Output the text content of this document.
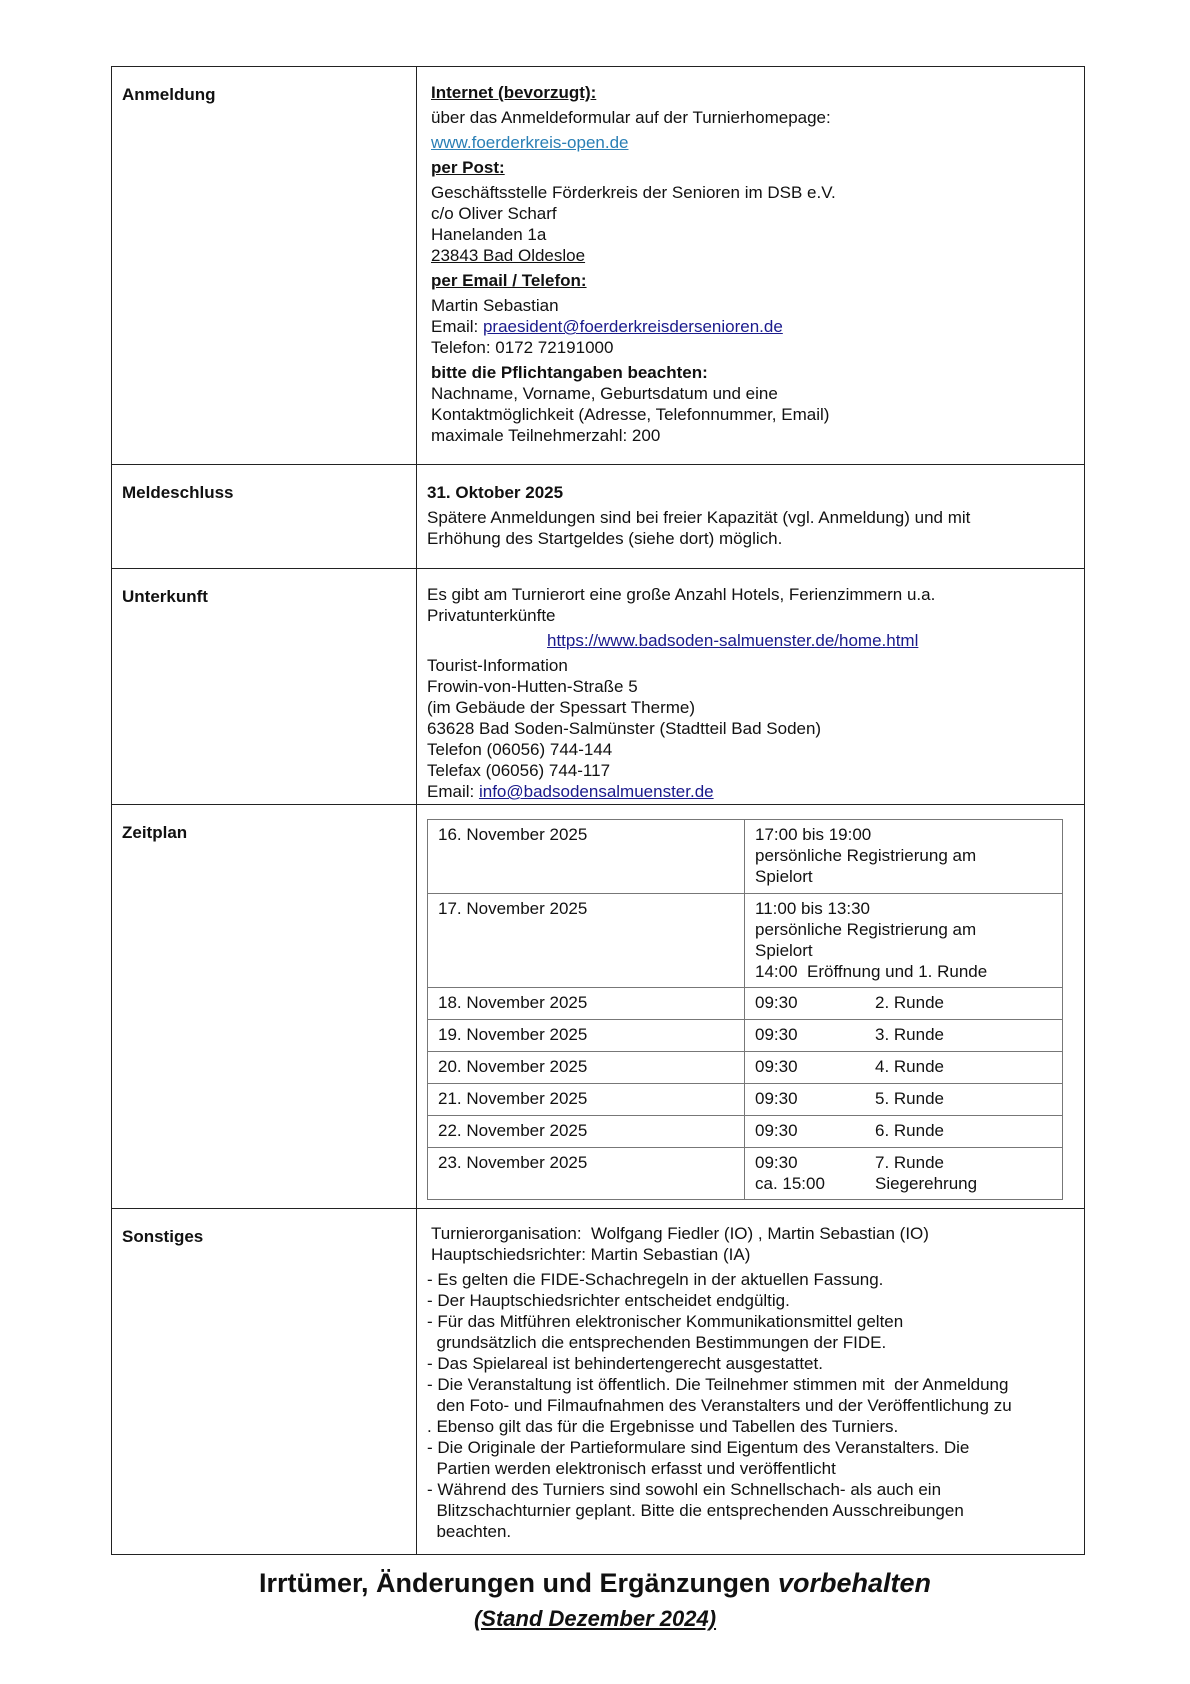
Anmeldung	Internet (bevorzugt):
über das Anmeldeformular auf der Turnierhomepage:
www.foerderkreis-open.de
per Post:
Geschäftsstelle Förderkreis der Senioren im DSB e.V.
c/o Oliver Scharf
Hanelanden 1a
23843 Bad Oldesloe
per Email / Telefon:
Martin Sebastian
Email: praesident@foerderkreisdersenioren.de
Telefon: 0172 72191000
bitte die Pflichtangaben beachten:
Nachname, Vorname, Geburtsdatum und eine
Kontaktmöglichkeit (Adresse, Telefonnummer, Email)
maximale Teilnehmerzahl: 200

Meldeschluss	31. Oktober 2025
Spätere Anmeldungen sind bei freier Kapazität (vgl. Anmeldung) und mit
Erhöhung des Startgeldes (siehe dort) möglich.

Unterkunft	Es gibt am Turnierort eine große Anzahl Hotels, Ferienzimmern u.a.
Privatunterkünfte
https://www.badsoden-salmuenster.de/home.html
Tourist-Information
Frowin-von-Hutten-Straße 5
(im Gebäude der Spessart Therme)
63628 Bad Soden-Salmünster (Stadtteil Bad Soden)
Telefon (06056) 744-144
Telefax (06056) 744-117
Email: info@badsodensalmuenster.de

Zeitplan		16. November 2025	17:00 bis 19:00
persönliche Registrierung am
Spielort

17. November 2025	11:00 bis 13:30
persönliche Registrierung am
Spielort
14:00  Eröffnung und 1. Runde

18. November 2025	09:30	2. Runde
19. November 2025	09:30	3. Runde
20. November 2025	09:30	4. Runde
21. November 2025	09:30	5. Runde
22. November 2025	09:30	6. Runde
23. November 2025	09:30	7. Runde
ca. 15:00	Siegerehrung

Sonstiges	Turnierorganisation:  Wolfgang Fiedler (IO) , Martin Sebastian (IO)
Hauptschiedsrichter: Martin Sebastian (IA)
- Es gelten die FIDE-Schachregeln in der aktuellen Fassung.
- Der Hauptschiedsrichter entscheidet endgültig.
- Für das Mitführen elektronischer Kommunikationsmittel gelten
grundsätzlich die entsprechenden Bestimmungen der FIDE.
- Das Spielareal ist behindertengerecht ausgestattet.
- Die Veranstaltung ist öffentlich. Die Teilnehmer stimmen mit  der Anmeldung
den Foto- und Filmaufnahmen des Veranstalters und der Veröffentlichung zu
. Ebenso gilt das für die Ergebnisse und Tabellen des Turniers.
- Die Originale der Partieformulare sind Eigentum des Veranstalters. Die
Partien werden elektronisch erfasst und veröffentlicht
- Während des Turniers sind sowohl ein Schnellschach- als auch ein
Blitzschachturnier geplant. Bitte die entsprechenden Ausschreibungen
beachten.
Irrtümer, Änderungen und Ergänzungen vorbehalten
(Stand Dezember 2024)
